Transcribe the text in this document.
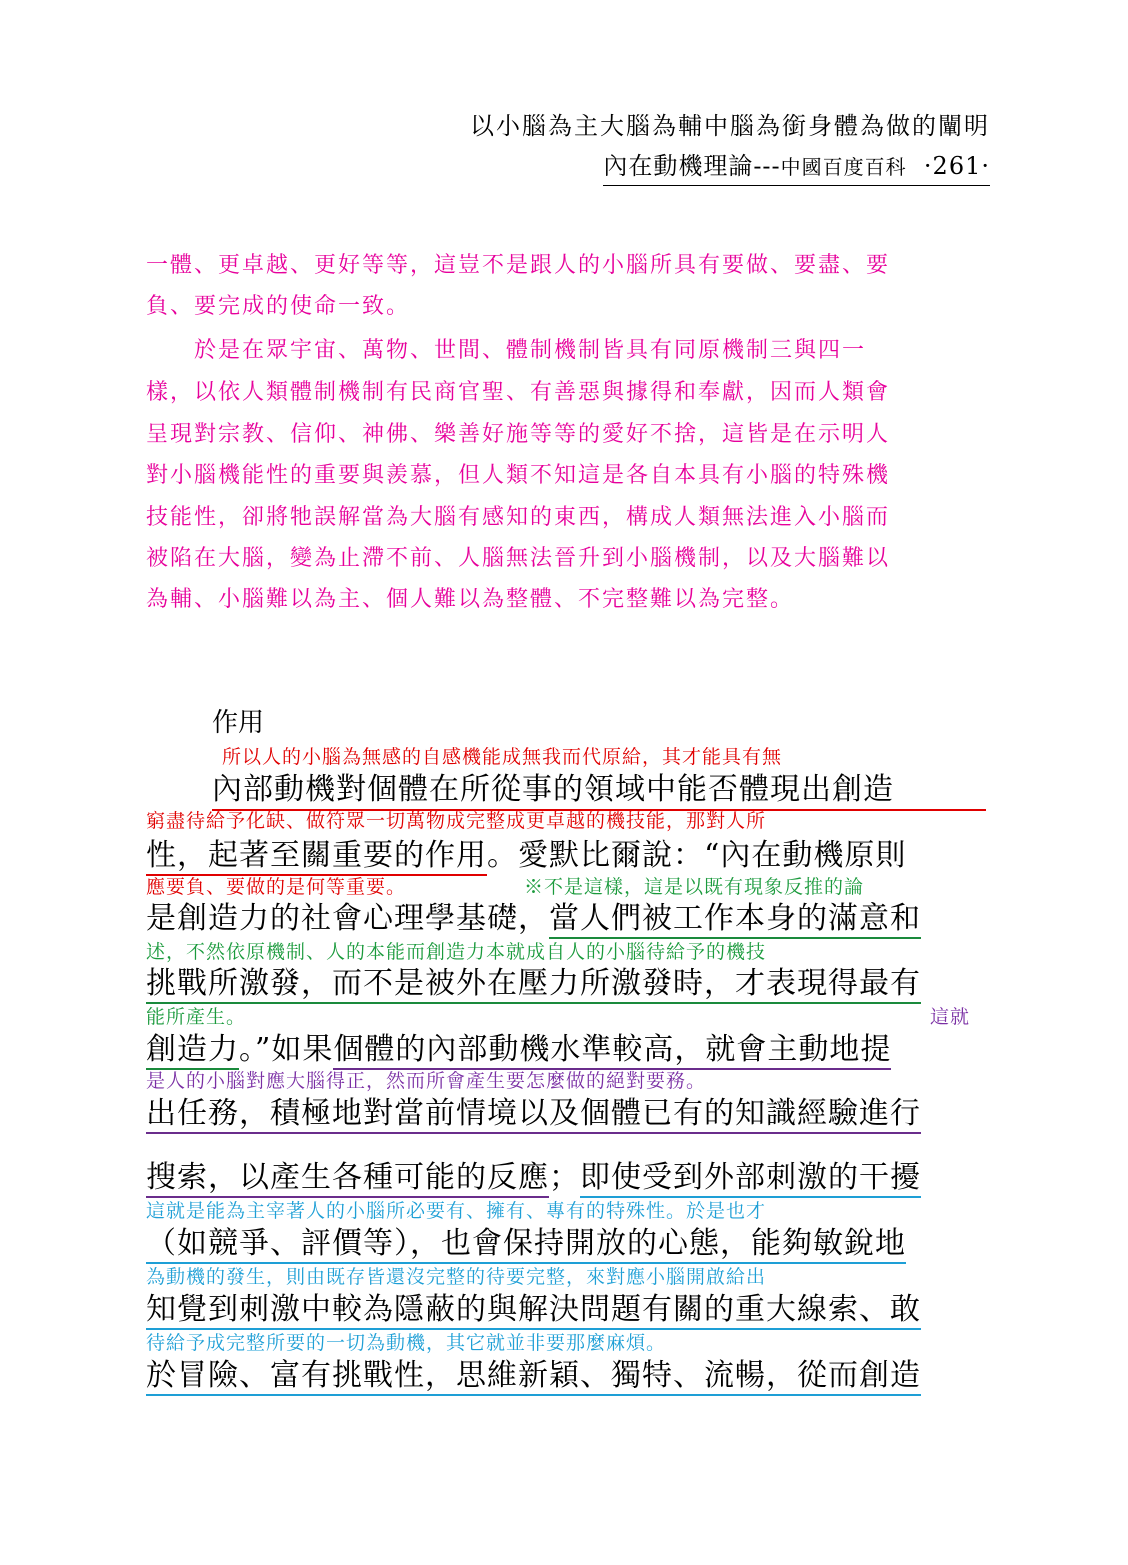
以小腦為主大腦為輔中腦為銜身體為做的闡明
內在動機理論---中國百度百科 ·261·
一體、更卓越、更好等等，這豈不是跟人的小腦所具有要做、要盡、要
負、要完成的使命一致。
　　於是在眾宇宙、萬物、世間、體制機制皆具有同原機制三與四一
樣，以依人類體制機制有民商官聖、有善惡與據得和奉獻，因而人類會
呈現對宗教、信仰、神佛、樂善好施等等的愛好不捨，這皆是在示明人
對小腦機能性的重要與羨慕，但人類不知這是各自本具有小腦的特殊機
技能性，卻將牠誤解當為大腦有感知的東西，構成人類無法進入小腦而
被陷在大腦，變為止滯不前、人腦無法晉升到小腦機制，以及大腦難以
為輔、小腦難以為主、個人難以為整體、不完整難以為完整。
作用
所以人的小腦為無感的自感機能成無我而代原給，其才能具有無
內部動機對個體在所從事的領域中能否體現出創造
窮盡待給予化缺、做符眾一切萬物成完整成更卓越的機技能，那對人所
性，起著至關重要的作用。愛默比爾說：“內在動機原則
應要負、要做的是何等重要。	※不是這樣，這是以既有現象反推的論
是創造力的社會心理學基礎，當人們被工作本身的滿意和
述，不然依原機制、人的本能而創造力本就成自人的小腦待給予的機技
挑戰所激發，而不是被外在壓力所激發時，才表現得最有
能所產生。	這就
創造力。”如果個體的內部動機水準較高，就會主動地提
是人的小腦對應大腦得正，然而所會產生要怎麼做的絕對要務。
出任務，積極地對當前情境以及個體已有的知識經驗進行
搜索，以產生各種可能的反應；即使受到外部刺激的干擾
這就是能為主宰著人的小腦所必要有、擁有、專有的特殊性。於是也才
（如競爭、評價等），也會保持開放的心態，能夠敏銳地
為動機的發生，則由既存皆還沒完整的待要完整，來對應小腦開啟給出
知覺到刺激中較為隱蔽的與解決問題有關的重大線索、敢
待給予成完整所要的一切為動機，其它就並非要那麼麻煩。
於冒險、富有挑戰性，思維新穎、獨特、流暢，從而創造
